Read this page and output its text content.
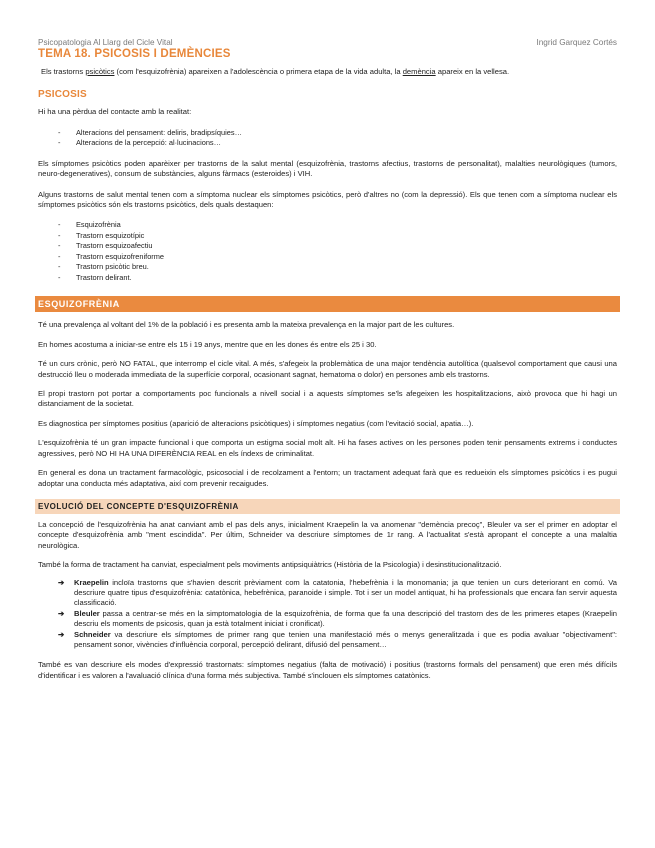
Psicopatologia Al Llarg del Cicle Vital	Ingrid Garquez Cortés
TEMA 18. PSICOSIS I DEMÈNCIES

Els trastorns psicòtics (com l'esquizofrènia) apareixen a l'adolescència o primera etapa de la vida adulta, la demència apareix en la vellesa.

PSICOSIS

Hi ha una pèrdua del contacte amb la realitat:

- Alteracions del pensament: deliris, bradipsíquies…
- Alteracions de la percepció: al·lucinacions…

Els símptomes psicòtics poden aparèixer per trastorns de la salut mental (esquizofrènia, trastorns afectius, trastorns de personalitat), malalties neurològiques (tumors, neuro-degeneratives), consum de substàncies, alguns fàrmacs (esteroides) i VIH.

Alguns trastorns de salut mental tenen com a símptoma nuclear els símptomes psicòtics, però d'altres no (com la depressió). Els que tenen com a símptoma nuclear els símptomes psicòtics són els trastorns psicòtics, dels quals destaquen:

- Esquizofrènia
- Trastorn esquizotípic
- Trastorn esquizoafectiu
- Trastorn esquizofreniforme
- Trastorn psicòtic breu.
- Trastorn delirant.
ESQUIZOFRÈNIA

Té una prevalença al voltant del 1% de la població i es presenta amb la mateixa prevalença en la major part de les cultures.

En homes acostuma a iniciar-se entre els 15 i 19 anys, mentre que en les dones és entre els 25 i 30.

Té un curs crònic, però NO FATAL, que interromp el cicle vital. A més, s'afegeix la problemàtica de una major tendència autolítica (qualsevol comportament que causi una destrucció lleu o moderada immediata de la superfície corporal, ocasionant sagnat, hematoma o dolor) en persones amb els trastorns.

El propi trastorn pot portar a comportaments poc funcionals a nivell social i a aquests símptomes se'ls afegeixen les hospitalitzacions, això provoca que hi hagi un distanciament de la societat.

Es diagnostica per símptomes positius (aparició de alteracions psicòtiques) i símptomes negatius (com l'evitació social, apatia…).

L'esquizofrènia té un gran impacte funcional i que comporta un estigma social molt alt. Hi ha fases actives on les persones poden tenir pensaments extrems i conductes agressives, però NO HI HA UNA DIFERÈNCIA REAL en els índexs de criminalitat.

En general es dona un tractament farmacològic, psicosocial i de recolzament a l'entorn; un tractament adequat farà que es redueixin els símptomes psicòtics i es pugui adoptar una conducta més adaptativa, així com prevenir recaigudes.

EVOLUCIÓ DEL CONCEPTE D'ESQUIZOFRÈNIA

La concepció de l'esquizofrènia ha anat canviant amb el pas dels anys, inicialment Kraepelin la va anomenar "demència precoç", Bleuler va ser el primer en adoptar el concepte d'esquizofrènia amb "ment escindida". Per últim, Schneider va descriure símptomes de 1r rang. A l'actualitat s'està apropant el concepte a una malaltia neurològica.

També la forma de tractament ha canviat, especialment pels moviments antipsiquiàtrics (Història de la Psicologia) i desinstitucionalització.

➔ Kraepelin incloïa trastorns que s'havien descrit prèviament com la catatonia, l'hebefrènia i la monomania; ja que tenien un curs deteriorant en comú. Va descriure quatre tipus d'esquizofrènia: catatònica, hebefrènica, paranoide i simple. Tot i ser un model antiquat, hi ha professionals que encara fan servir aquesta classificació.
➔ Bleuler passa a centrar-se més en la simptomatologia de la esquizofrènia, de forma que fa una descripció del trastorn des de les primeres etapes (Kraepelin descriu els moments de psicosis, quan ja està totalment iniciat i cronificat).
➔ Schneider va descriure els símptomes de primer rang que tenien una manifestació més o menys generalitzada i que es podia avaluar "objectivament": pensament sonor, vivències d'influència corporal, percepció delirant, difusió del pensament…

També es van descriure els modes d'expressió trastornats: símptomes negatius (falta de motivació) i positius (trastorns formals del pensament) que eren més difícils d'identificar i es valoren a l'avaluació clínica d'una forma més subjectiva. També s'inclouen els símptomes catatònics.
